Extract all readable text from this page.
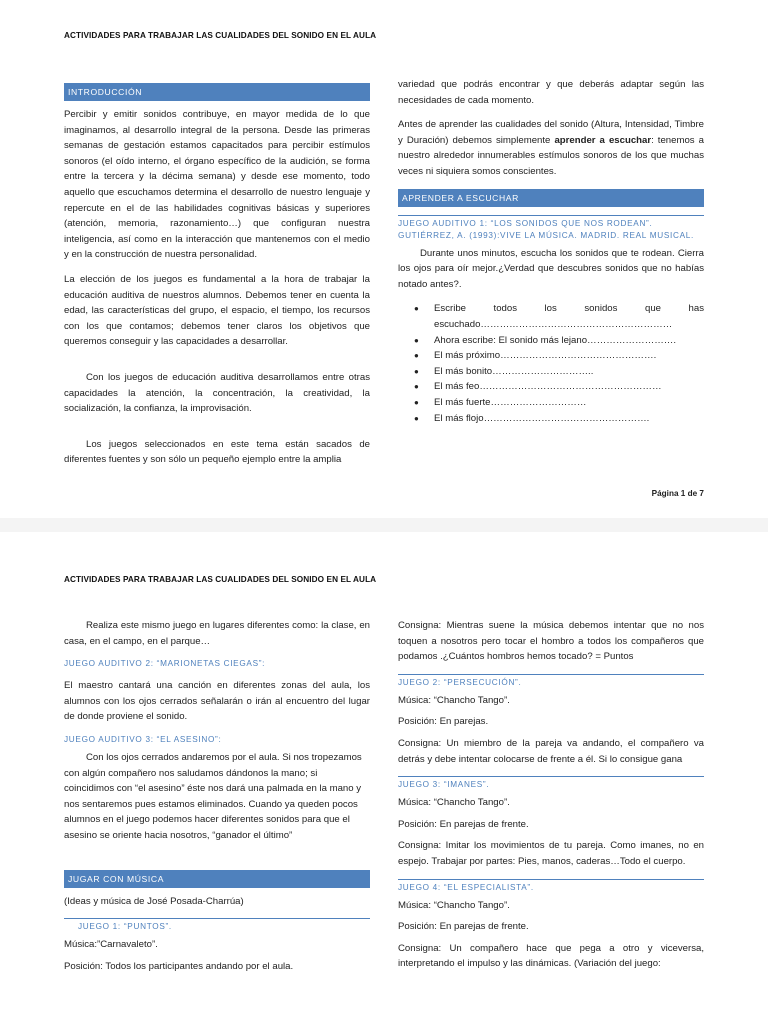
ACTIVIDADES PARA TRABAJAR LAS CUALIDADES DEL SONIDO EN EL AULA
INTRODUCCIÓN

Percibir y emitir sonidos contribuye, en mayor medida de lo que imaginamos, al desarrollo integral de la persona. Desde las primeras semanas de gestación estamos capacitados para percibir estímulos sonoros (el oído interno, el órgano específico de la audición, se forma entre la tercera y la décima semana) y desde ese momento, todo aquello que escuchamos determina el desarrollo de nuestro lenguaje y repercute en el de las habilidades cognitivas básicas y superiores (atención, memoria, razonamiento…) que configuran nuestra inteligencia, así como en la interacción que mantenemos con el medio y en la construcción de nuestra personalidad.

La elección de los juegos es fundamental a la hora de trabajar la educación auditiva de nuestros alumnos. Debemos tener en cuenta la edad, las características del grupo, el espacio, el tiempo, los recursos con los que contamos; debemos tener claros los objetivos que queremos conseguir y las capacidades a desarrollar.

Con los juegos de educación auditiva desarrollamos entre otras capacidades la atención, la concentración, la creatividad, la socialización, la confianza, la improvisación.

Los juegos seleccionados en este tema están sacados de diferentes fuentes y son sólo un pequeño ejemplo entre la amplia

variedad que podrás encontrar y que deberás adaptar según las necesidades de cada momento.

Antes de aprender las cualidades del sonido (Altura, Intensidad, Timbre y Duración) debemos simplemente aprender a escuchar: tenemos a nuestro alrededor innumerables estímulos sonoros de los que muchas veces ni siquiera somos conscientes.

APRENDER A ESCUCHAR
JUEGO AUDITIVO 1: “LOS SONIDOS QUE NOS RODEAN”. GUTIÉRREZ, A. (1993):VIVE LA MÚSICA. MADRID. REAL MUSICAL.

Durante unos minutos, escucha los sonidos que te rodean. Cierra los ojos para oír mejor.¿Verdad que descubres sonidos que no habías notado antes?.

● Escribe todos los sonidos que has escuchado……………………………………………………
● Ahora escribe: El sonido más lejano……………………….
● El más próximo………………………………………….
● El más bonito…………………………..
● El más feo…………………………………………………
● El más fuerte…………………………
● El más flojo…………………………………………….
Página 1 de 7
ACTIVIDADES PARA TRABAJAR LAS CUALIDADES DEL SONIDO EN EL AULA

Realiza este mismo juego en lugares diferentes como: la clase, en casa, en el campo, en el parque…

JUEGO AUDITIVO 2: “MARIONETAS CIEGAS”:

El maestro cantará una canción en diferentes zonas del aula, los alumnos con los ojos cerrados señalarán o irán al encuentro del lugar de donde proviene el sonido.

JUEGO AUDITIVO 3: “EL ASESINO”:

Con los ojos cerrados andaremos por el aula. Si nos tropezamos con algún compañero nos saludamos dándonos la mano; si coincidimos con “el asesino” éste nos dará una palmada en la mano y nos sentaremos pues estamos eliminados. Cuando ya queden pocos alumnos en el juego podemos hacer diferentes sonidos para que el asesino se oriente hacia nosotros, “ganador el último”

JUGAR CON MÚSICA

(Ideas y música de José Posada-Charrúa)

JUEGO 1: “PUNTOS”.

Música:”Carnavaleto”.

Posición: Todos los participantes andando por el aula.

Consigna: Mientras suene la música debemos intentar que no nos toquen a nosotros pero tocar el hombro a todos los compañeros que podamos .¿Cuántos hombros hemos tocado? = Puntos

JUEGO 2: “PERSECUCIÓN”.

Música: “Chancho Tango”.

Posición: En parejas.

Consigna: Un miembro de la pareja va andando, el compañero va detrás y debe intentar colocarse de frente a él. Si lo consigue gana

JUEGO 3: “IMANES”.

Música: “Chancho Tango”.

Posición: En parejas de frente.

Consigna: Imitar los movimientos de tu pareja. Como imanes, no en espejo. Trabajar por partes: Pies, manos, caderas…Todo el cuerpo.

JUEGO 4: “EL ESPECIALISTA”.

Música: “Chancho Tango”.

Posición: En parejas de frente.

Consigna: Un compañero hace que pega a otro y viceversa, interpretando el impulso y las dinámicas. (Variación del juego:
